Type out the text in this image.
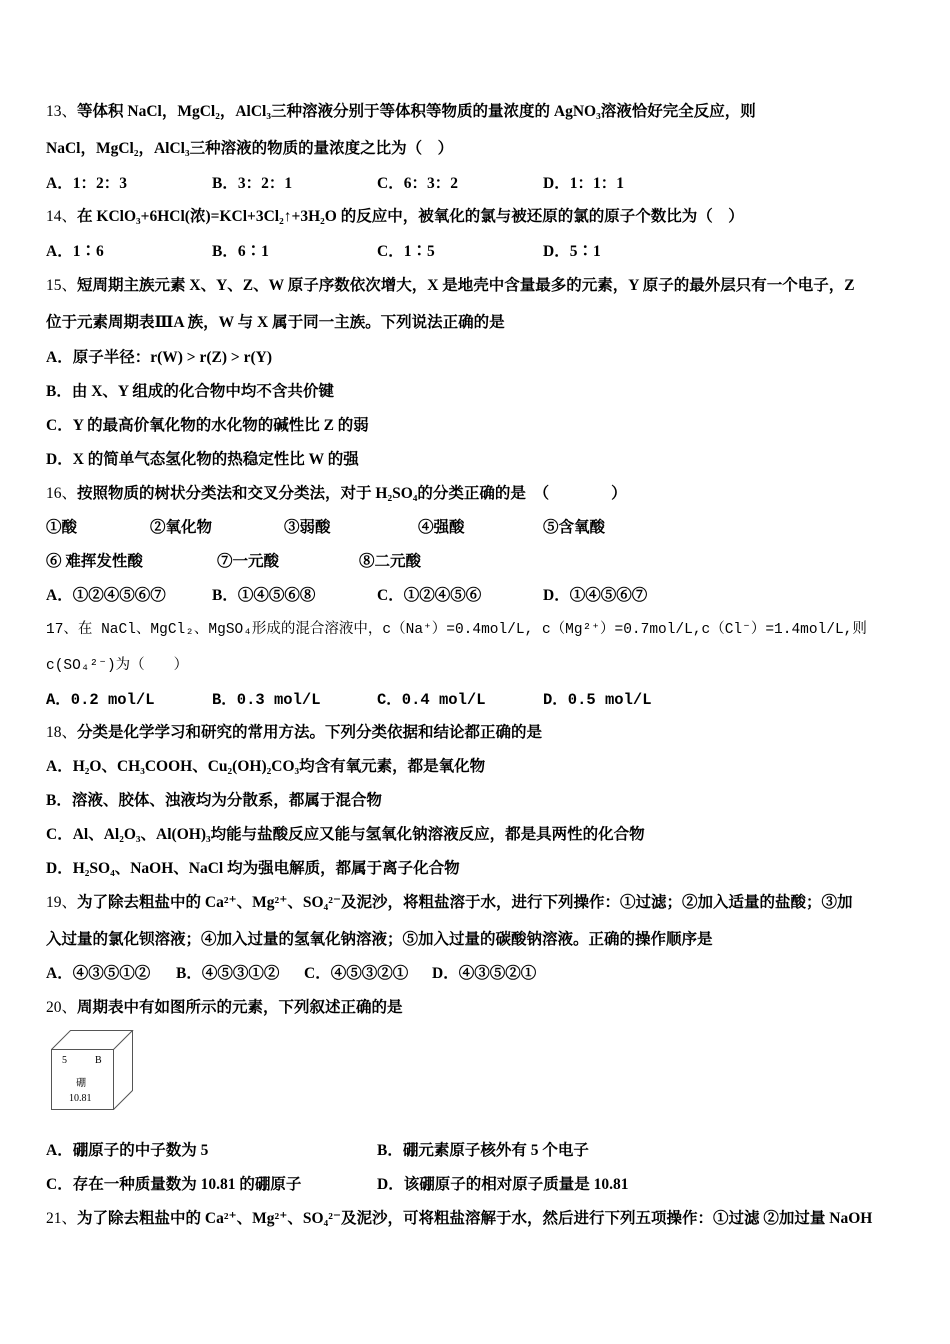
13、等体积 NaCl，MgCl₂，AlCl₃三种溶液分别于等体积等物质的量浓度的 AgNO₃溶液恰好完全反应，则
NaCl，MgCl₂，AlCl₃三种溶液的物质的量浓度之比为（　）
A．1：2：3	B．3：2：1	C．6：3：2	D．1：1：1
14、在 KClO₃+6HCl(浓)=KCl+3Cl₂↑+3H₂O 的反应中，被氧化的氯与被还原的氯的原子个数比为（　）
A．1∶6	B．6∶1	C．1∶5	D．5∶1
15、短周期主族元素 X、Y、Z、W 原子序数依次增大，X 是地壳中含量最多的元素，Y 原子的最外层只有一个电子，Z
位于元素周期表ⅢA 族，W 与 X 属于同一主族。下列说法正确的是
A．原子半径：r(W) > r(Z) > r(Y)
B．由 X、Y 组成的化合物中均不含共价键
C．Y 的最高价氧化物的水化物的碱性比 Z 的弱
D．X 的简单气态氢化物的热稳定性比 W 的强
16、按照物质的树状分类法和交叉分类法，对于 H₂SO₄的分类正确的是　（　　　　）
①酸	②氧化物	③弱酸	④强酸	⑤含氧酸
⑥ 难挥发性酸	⑦一元酸	⑧二元酸
A．①②④⑤⑥⑦	B．①④⑤⑥⑧	C．①②④⑤⑥	D．①④⑤⑥⑦
17、在 NaCl、MgCl₂、MgSO₄形成的混合溶液中，c（Na⁺）=0.4mol/L, c（Mg²⁺）=0.7mol/L,c（Cl⁻）=1.4mol/L,则
c(SO₄²⁻)为（　　）
A．0.2 mol/L	B．0.3 mol/L	C．0.4 mol/L	D．0.5 mol/L
18、分类是化学学习和研究的常用方法。下列分类依据和结论都正确的是
A．H₂O、CH₃COOH、Cu₂(OH)₂CO₃均含有氧元素，都是氧化物
B．溶液、胶体、浊液均为分散系，都属于混合物
C．Al、Al₂O₃、Al(OH)₃均能与盐酸反应又能与氢氧化钠溶液反应，都是具两性的化合物
D．H₂SO₄、NaOH、NaCl 均为强电解质，都属于离子化合物
19、为了除去粗盐中的 Ca²⁺、Mg²⁺、SO₄²⁻及泥沙，将粗盐溶于水，进行下列操作：①过滤；②加入适量的盐酸；③加
入过量的氯化钡溶液；④加入过量的氢氧化钠溶液；⑤加入过量的碳酸钠溶液。正确的操作顺序是
A．④③⑤①② B．④⑤③①② C．④⑤③②① D．④③⑤②①
20、周期表中有如图所示的元素，下列叙述正确的是
5	B
硼
10.81
A．硼原子的中子数为 5	B．硼元素原子核外有 5 个电子
C．存在一种质量数为 10.81 的硼原子	D．该硼原子的相对原子质量是 10.81
21、为了除去粗盐中的 Ca²⁺、Mg²⁺、SO₄²⁻及泥沙，可将粗盐溶解于水，然后进行下列五项操作：①过滤 ②加过量 NaOH
